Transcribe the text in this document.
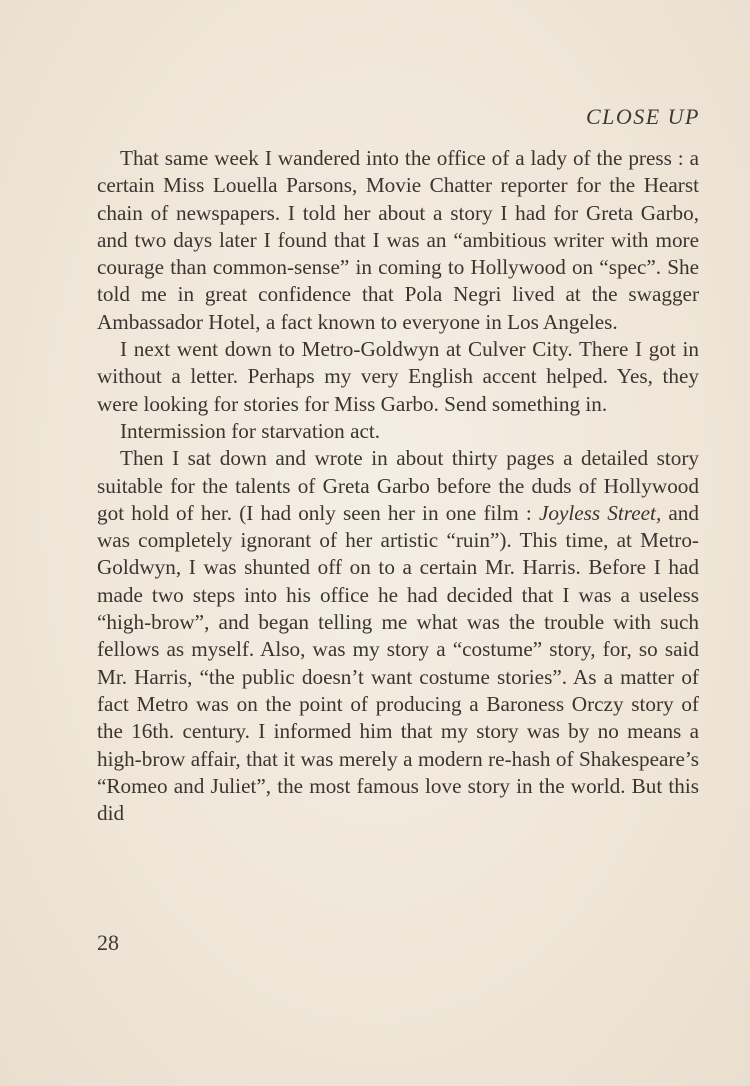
CLOSE UP

That same week I wandered into the office of a lady of the press : a certain Miss Louella Parsons, Movie Chatter reporter for the Hearst chain of newspapers. I told her about a story I had for Greta Garbo, and two days later I found that I was an “ambitious writer with more courage than common-sense” in coming to Hollywood on “spec”. She told me in great confidence that Pola Negri lived at the swagger Ambassador Hotel, a fact known to everyone in Los Angeles.

I next went down to Metro-Goldwyn at Culver City. There I got in without a letter. Perhaps my very English accent helped. Yes, they were looking for stories for Miss Garbo. Send something in.

Intermission for starvation act.

Then I sat down and wrote in about thirty pages a detailed story suitable for the talents of Greta Garbo before the duds of Hollywood got hold of her. (I had only seen her in one film : Joyless Street, and was completely ignorant of her artistic “ruin”). This time, at Metro-Goldwyn, I was shunted off on to a certain Mr. Harris. Before I had made two steps into his office he had decided that I was a useless “high-brow”, and began telling me what was the trouble with such fellows as myself. Also, was my story a “costume” story, for, so said Mr. Harris, “the public doesn’t want costume stories”. As a matter of fact Metro was on the point of producing a Baroness Orczy story of the 16th. century. I informed him that my story was by no means a high-brow affair, that it was merely a modern re-hash of Shakespeare’s “Romeo and Juliet”, the most famous love story in the world. But this did

28
